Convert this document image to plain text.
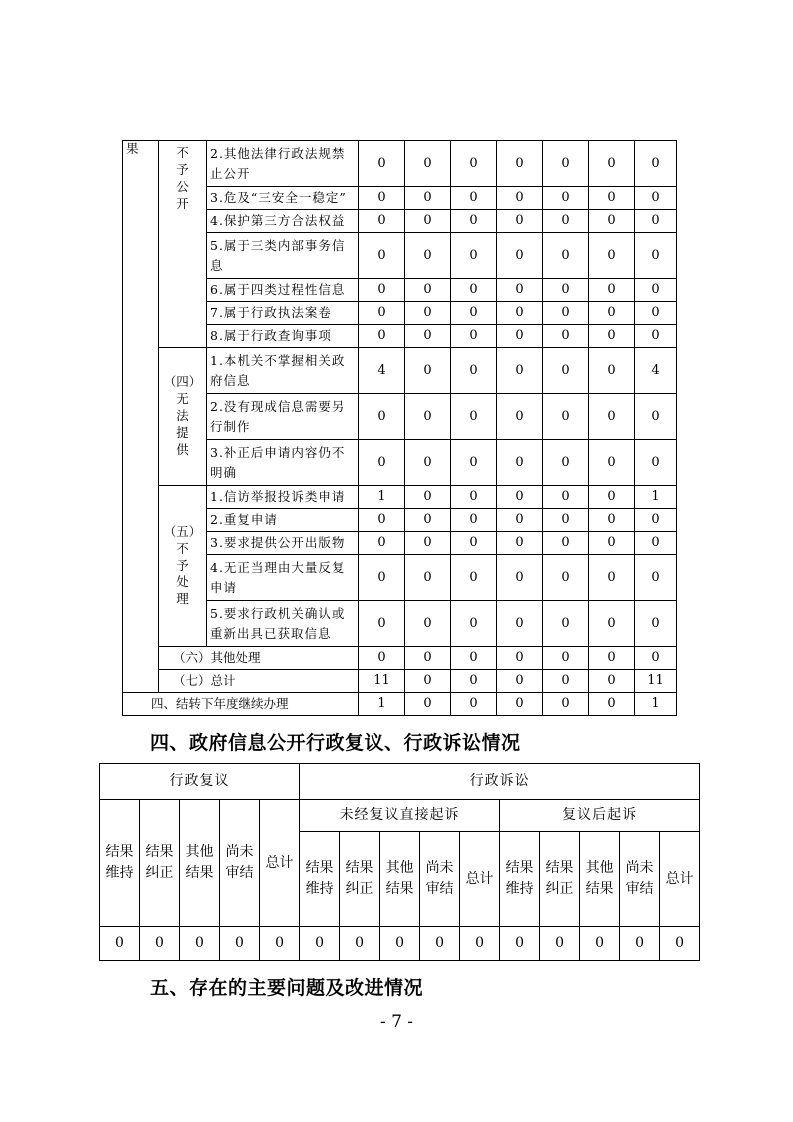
果	不
予
公
开	2.其他法律行政法规禁止公开	0	0	0	0	0	0	0
		3.危及“三安全一稳定”	0	0	0	0	0	0	0
		4.保护第三方合法权益	0	0	0	0	0	0	0
		5.属于三类内部事务信息	0	0	0	0	0	0	0
		6.属于四类过程性信息	0	0	0	0	0	0	0
		7.属于行政执法案卷	0	0	0	0	0	0	0
		8.属于行政查询事项	0	0	0	0	0	0	0

	（四）
无
法
提
供	1.本机关不掌握相关政府信息	4	0	0	0	0	0	4
		2.没有现成信息需要另行制作	0	0	0	0	0	0	0
		3.补正后申请内容仍不明确	0	0	0	0	0	0	0

	（五）
不
予
处
理	1.信访举报投诉类申请	1	0	0	0	0	0	1
		2.重复申请	0	0	0	0	0	0	0
		3.要求提供公开出版物	0	0	0	0	0	0	0
		4.无正当理由大量反复申请	0	0	0	0	0	0	0
		5.要求行政机关确认或重新出具已获取信息	0	0	0	0	0	0	0
	（六）其他处理		0	0	0	0	0	0	0
	（七）总计		11	0	0	0	0	0	11
四、结转下年度继续办理			1	0	0	0	0	0	1
四、政府信息公开行政复议、行政诉讼情况
行政复议					行政诉讼									
结果维持	结果纠正	其他结果	尚未审结	总计	未经复议直接起诉					复议后起诉				
					结果维持	结果纠正	其他结果	尚未审结	总计	结果维持	结果纠正	其他结果	尚未审结	总计
0	0	0	0	0	0	0	0	0	0	0	0	0	0	0
五、存在的主要问题及改进情况
- 7 -
